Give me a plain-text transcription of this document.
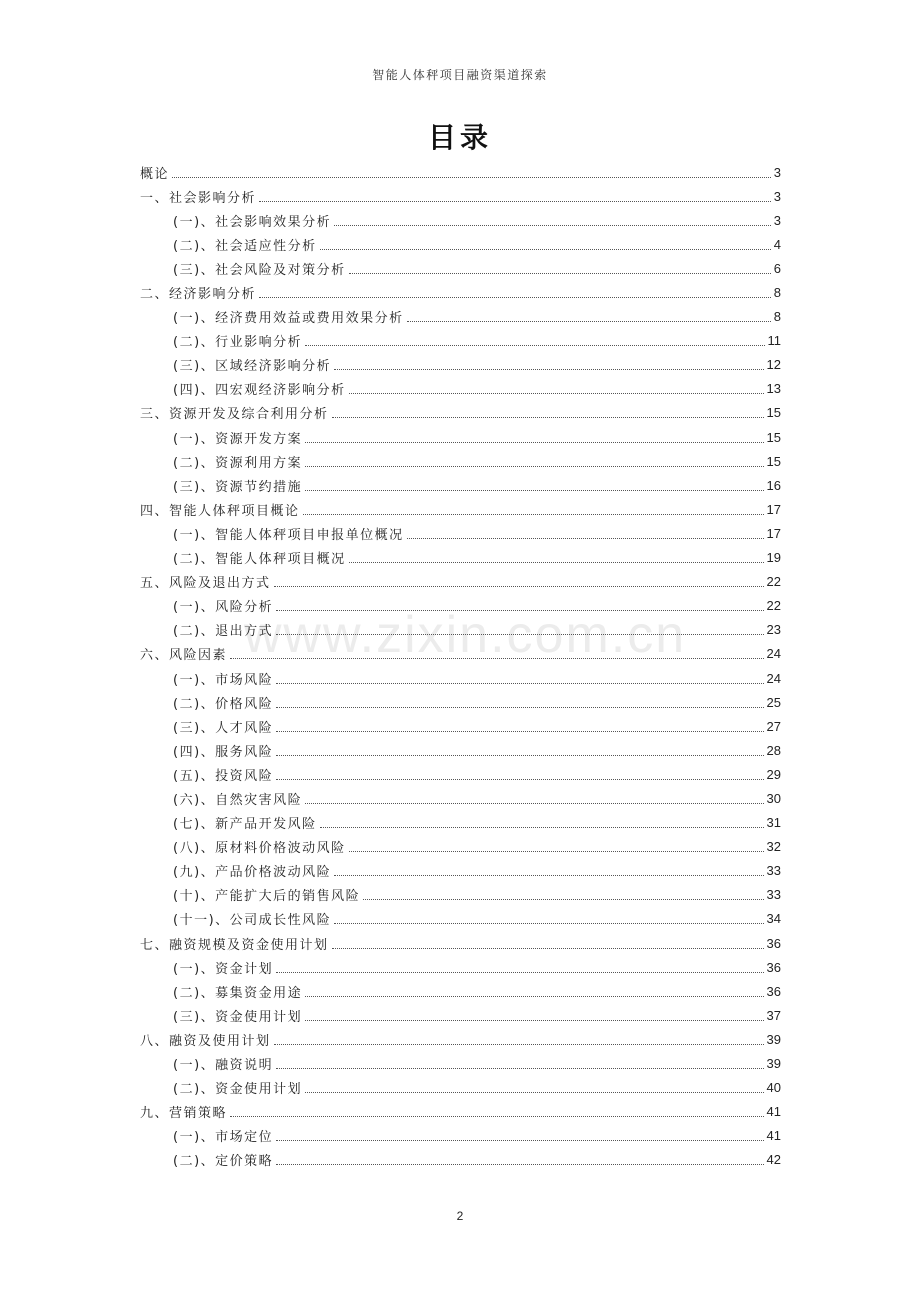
智能人体秤项目融资渠道探索
目录
www.zixin.com.cn
概论	3
一、社会影响分析	3
(一)、社会影响效果分析	3
(二)、社会适应性分析	4
(三)、社会风险及对策分析	6
二、经济影响分析	8
(一)、经济费用效益或费用效果分析	8
(二)、行业影响分析	11
(三)、区域经济影响分析	12
(四)、四宏观经济影响分析	13
三、资源开发及综合利用分析	15
(一)、资源开发方案	15
(二)、资源利用方案	15
(三)、资源节约措施	16
四、智能人体秤项目概论	17
(一)、智能人体秤项目申报单位概况	17
(二)、智能人体秤项目概况	19
五、风险及退出方式	22
(一)、风险分析	22
(二)、退出方式	23
六、风险因素	24
(一)、市场风险	24
(二)、价格风险	25
(三)、人才风险	27
(四)、服务风险	28
(五)、投资风险	29
(六)、自然灾害风险	30
(七)、新产品开发风险	31
(八)、原材料价格波动风险	32
(九)、产品价格波动风险	33
(十)、产能扩大后的销售风险	33
(十一)、公司成长性风险	34
七、融资规模及资金使用计划	36
(一)、资金计划	36
(二)、募集资金用途	36
(三)、资金使用计划	37
八、融资及使用计划	39
(一)、融资说明	39
(二)、资金使用计划	40
九、营销策略	41
(一)、市场定位	41
(二)、定价策略	42
2
